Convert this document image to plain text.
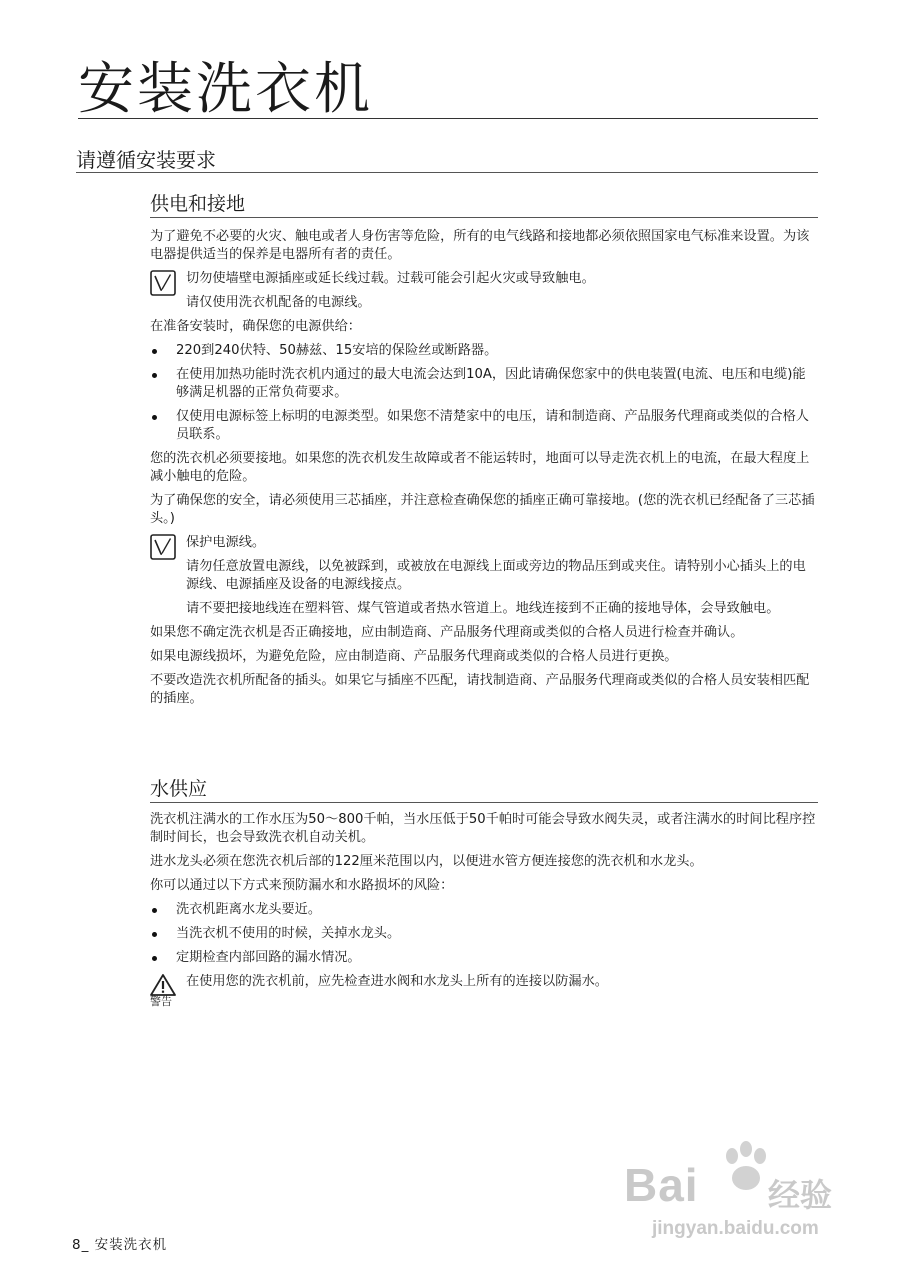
安装洗衣机
请遵循安装要求
供电和接地

为了避免不必要的火灾、触电或者人身伤害等危险，所有的电气线路和接地都必须依照国家电气标准来设置。为该电器提供适当的保养是电器所有者的责任。

切勿使墙壁电源插座或延长线过载。过载可能会引起火灾或导致触电。

请仅使用洗衣机配备的电源线。

在准备安装时，确保您的电源供给：

220到240伏特、50赫兹、15安培的保险丝或断路器。
在使用加热功能时洗衣机内通过的最大电流会达到10A，因此请确保您家中的供电装置(电流、电压和电缆)能够满足机器的正常负荷要求。
仅使用电源标签上标明的电源类型。如果您不清楚家中的电压，请和制造商、产品服务代理商或类似的合格人员联系。

您的洗衣机必须要接地。如果您的洗衣机发生故障或者不能运转时，地面可以导走洗衣机上的电流，在最大程度上减小触电的危险。

为了确保您的安全，请必须使用三芯插座，并注意检查确保您的插座正确可靠接地。(您的洗衣机已经配备了三芯插头。)

保护电源线。

请勿任意放置电源线，以免被踩到，或被放在电源线上面或旁边的物品压到或夹住。请特别小心插头上的电源线、电源插座及设备的电源线接点。

请不要把接地线连在塑料管、煤气管道或者热水管道上。地线连接到不正确的接地导体，会导致触电。

如果您不确定洗衣机是否正确接地，应由制造商、产品服务代理商或类似的合格人员进行检查并确认。

如果电源线损坏，为避免危险，应由制造商、产品服务代理商或类似的合格人员进行更换。

不要改造洗衣机所配备的插头。如果它与插座不匹配，请找制造商、产品服务代理商或类似的合格人员安装相匹配的插座。

水供应

洗衣机注满水的工作水压为50～800千帕，当水压低于50千帕时可能会导致水阀失灵，或者注满水的时间比程序控制时间长，也会导致洗衣机自动关机。

进水龙头必须在您洗衣机后部的122厘米范围以内，以便进水管方便连接您的洗衣机和水龙头。

你可以通过以下方式来预防漏水和水路损坏的风险：

洗衣机距离水龙头要近。
当洗衣机不使用的时候，关掉水龙头。
定期检查内部回路的漏水情况。
在使用您的洗衣机前，应先检查进水阀和水龙头上所有的连接以防漏水。
警告
Bai du 经验
jingyan.baidu.com
8_ 安装洗衣机
